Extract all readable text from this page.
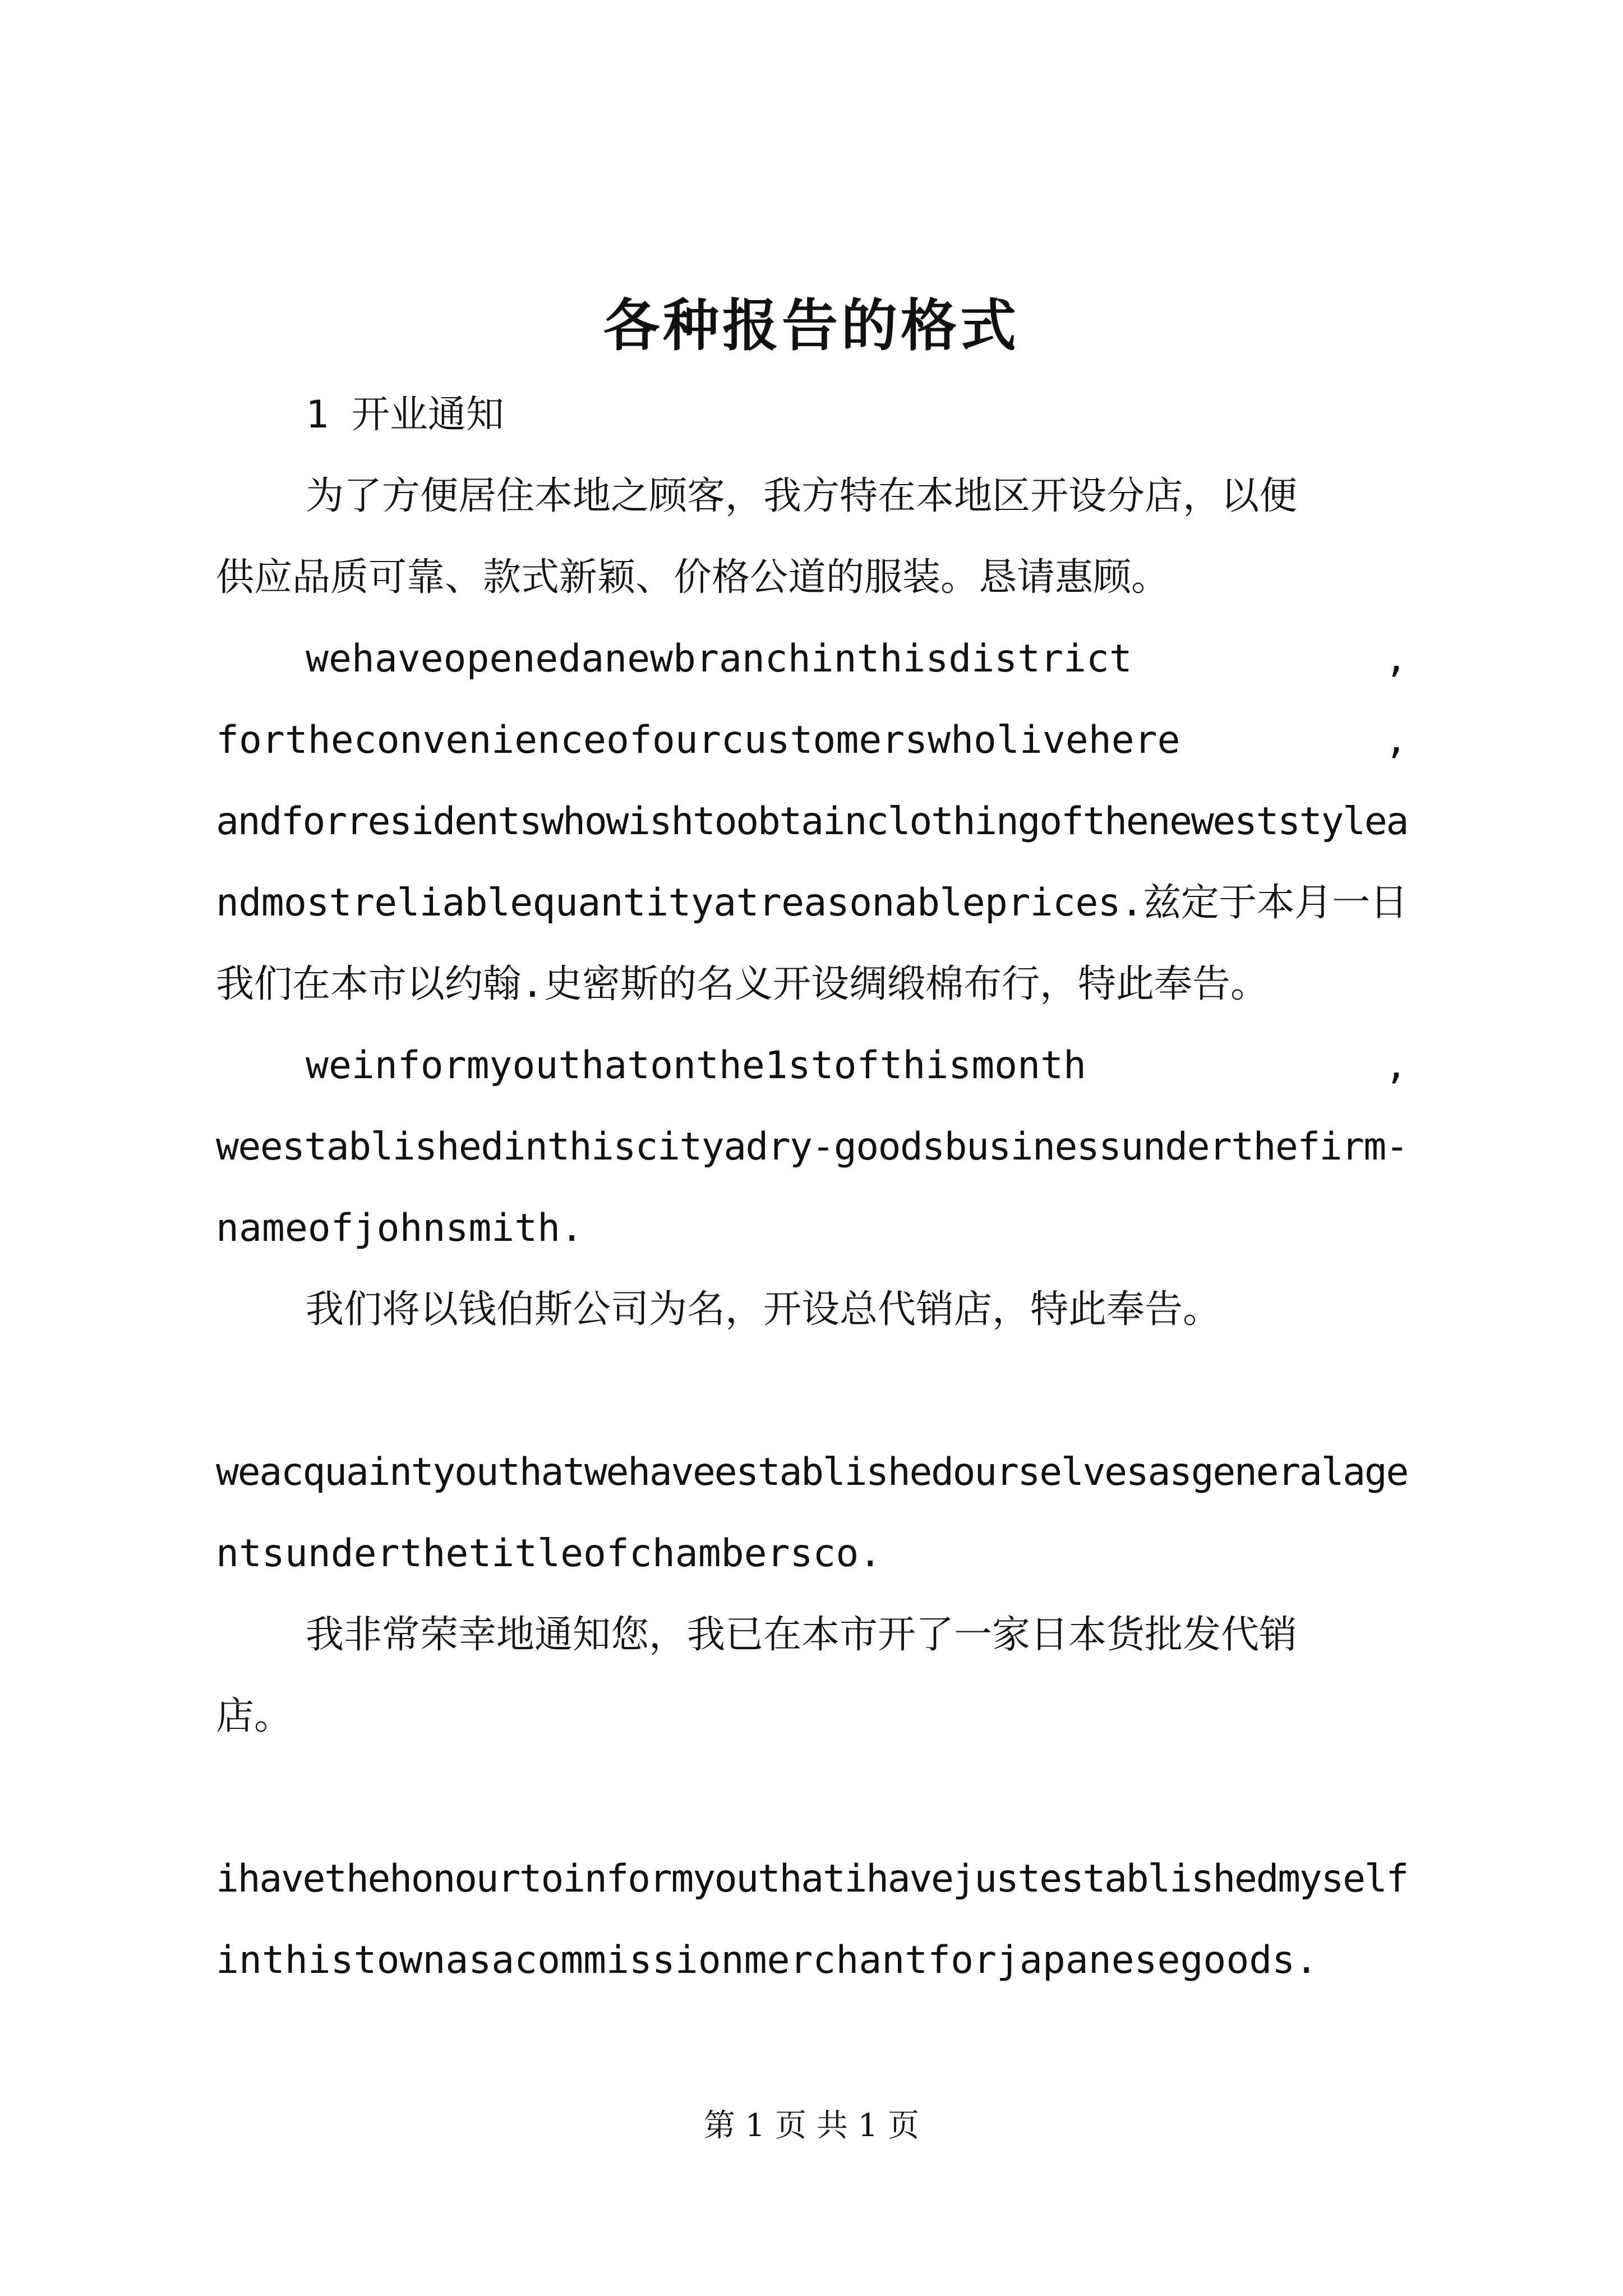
各种报告的格式
1 开业通知
为了方便居住本地之顾客，我方特在本地区开设分店，以便
供应品质可靠、款式新颖、价格公道的服装。恳请惠顾。
wehaveopenedanewbranchinthisdistrict	,
fortheconvenienceofourcustomerswholivehere	,
andforresidentswhowishtoobtainclothingoftheneweststylea
ndmostreliablequantityatreasonableprices.兹定于本月一日
我们在本市以约翰.史密斯的名义开设绸缎棉布行，特此奉告。
weinformyouthatonthe1stofthismonth	,
weestablishedinthiscityadry-goodsbusinessunderthefirm-
nameofjohnsmith.
我们将以钱伯斯公司为名，开设总代销店，特此奉告。
weacquaintyouthatwehaveestablishedourselvesasgeneralage
ntsunderthetitleofchambersco.
我非常荣幸地通知您，我已在本市开了一家日本货批发代销
店。
ihavethehonourtoinformyouthatihavejustestablishedmyself
inthistownasacommissionmerchantforjapanesegoods.
第 1 页 共 1 页
